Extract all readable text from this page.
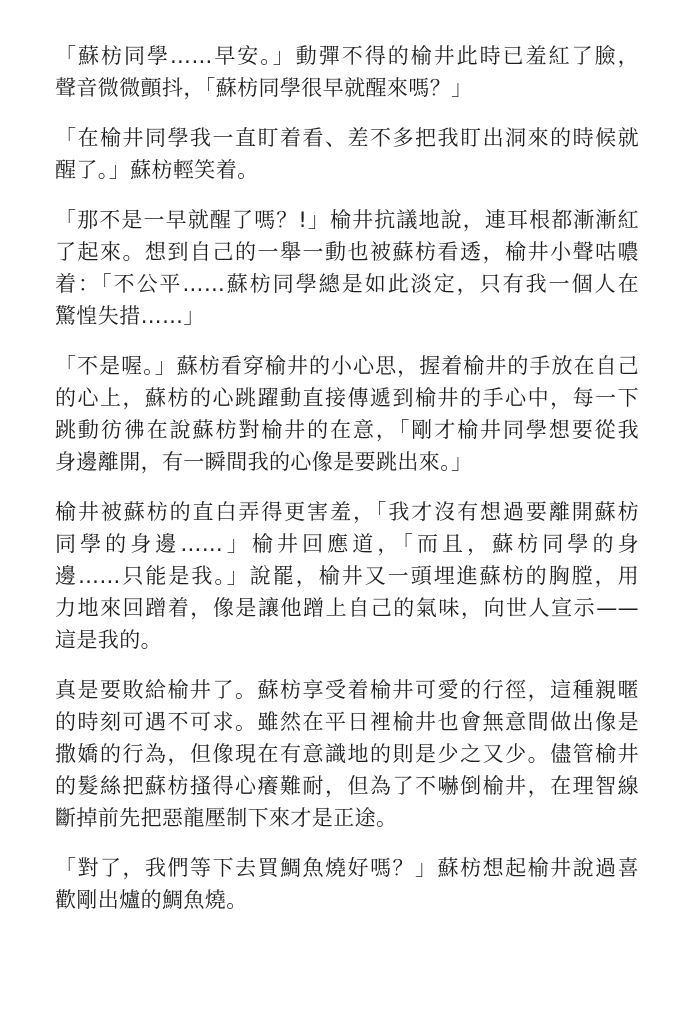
「蘇枋同學……早安。」動彈不得的榆井此時已羞紅了臉，
聲音微微顫抖，「蘇枋同學很早就醒來嗎？」
「在榆井同學我一直盯着看、差不多把我盯出洞來的時候就
醒了。」蘇枋輕笑着。
「那不是一早就醒了嗎？!」榆井抗議地說，連耳根都漸漸紅
了起來。想到自己的一舉一動也被蘇枋看透，榆井小聲咕噥
着：「不公平……蘇枋同學總是如此淡定，只有我一個人在
驚惶失措……」
「不是喔。」蘇枋看穿榆井的小心思，握着榆井的手放在自己
的心上，蘇枋的心跳躍動直接傳遞到榆井的手心中，每一下
跳動彷彿在說蘇枋對榆井的在意，「剛才榆井同學想要從我
身邊離開，有一瞬間我的心像是要跳出來。」
榆井被蘇枋的直白弄得更害羞，「我才沒有想過要離開蘇枋
同學的身邊……」榆井回應道，「而且，蘇枋同學的身
邊……只能是我。」說罷，榆井又一頭埋進蘇枋的胸膛，用
力地來回蹭着，像是讓他蹭上自己的氣味，向世人宣示——
這是我的。
真是要敗給榆井了。蘇枋享受着榆井可愛的行徑，這種親暱
的時刻可遇不可求。雖然在平日裡榆井也會無意間做出像是
撒嬌的行為，但像現在有意識地的則是少之又少。儘管榆井
的髮絲把蘇枋搔得心癢難耐，但為了不嚇倒榆井，在理智線
斷掉前先把惡龍壓制下來才是正途。
「對了，我們等下去買鯛魚燒好嗎？」蘇枋想起榆井說過喜
歡剛出爐的鯛魚燒。
